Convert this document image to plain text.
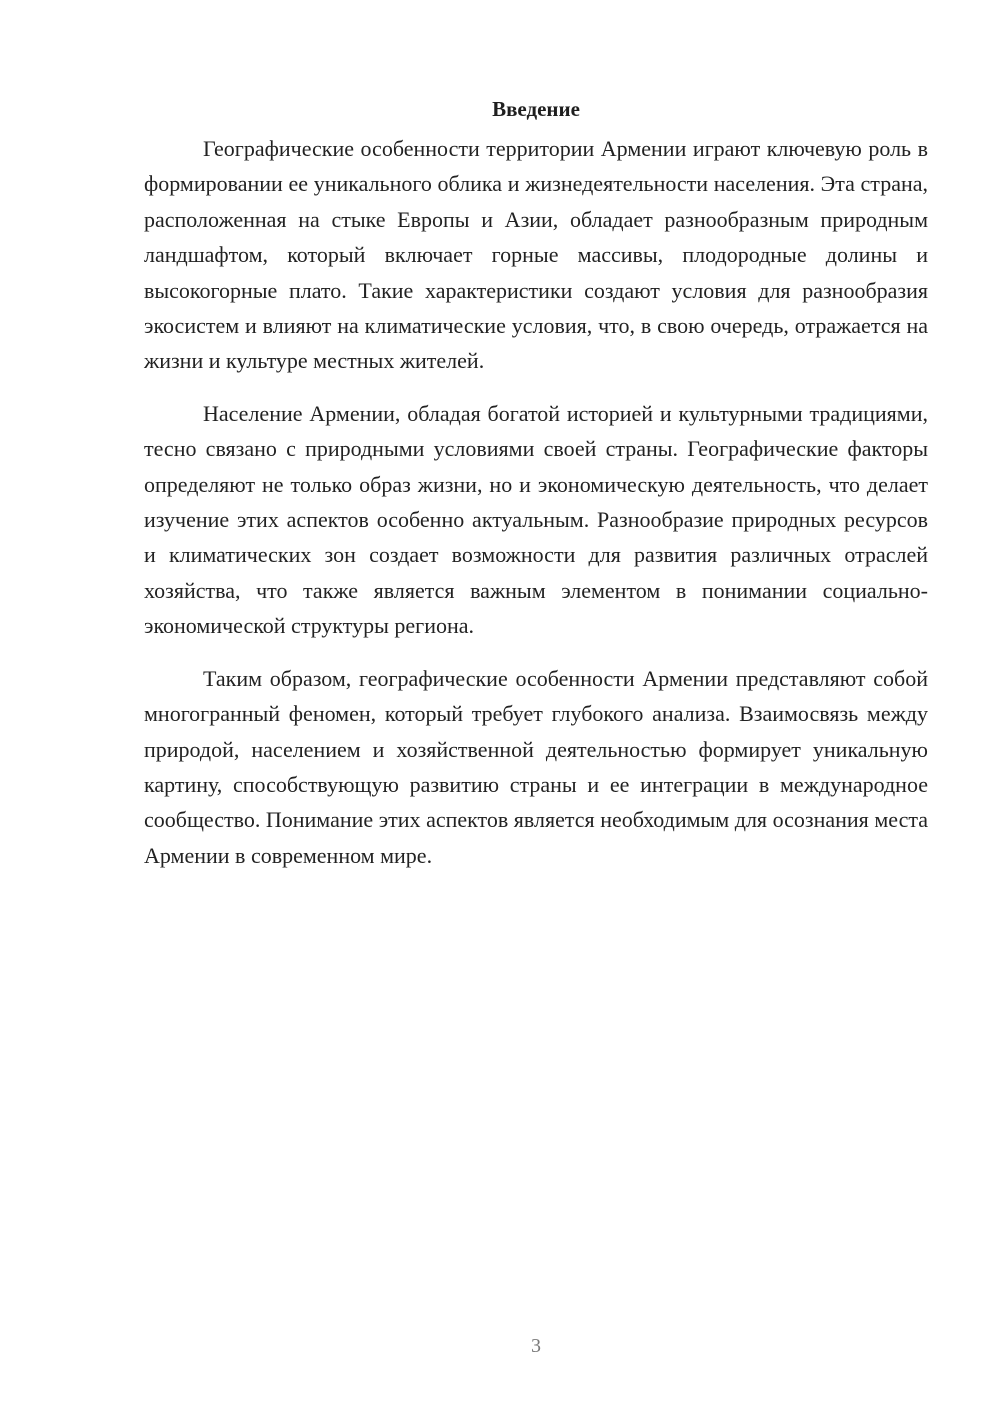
Введение

Географические особенности территории Армении играют ключевую роль в формировании ее уникального облика и жизнедеятельности населения. Эта страна, расположенная на стыке Европы и Азии, обладает разнообразным природным ландшафтом, который включает горные массивы, плодородные долины и высокогорные плато. Такие характеристики создают условия для разнообразия экосистем и влияют на климатические условия, что, в свою очередь, отражается на жизни и культуре местных жителей.

Население Армении, обладая богатой историей и культурными традициями, тесно связано с природными условиями своей страны. Географические факторы определяют не только образ жизни, но и экономическую деятельность, что делает изучение этих аспектов особенно актуальным. Разнообразие природных ресурсов и климатических зон создает возможности для развития различных отраслей хозяйства, что также является важным элементом в понимании социально-экономической структуры региона.

Таким образом, географические особенности Армении представляют собой многогранный феномен, который требует глубокого анализа. Взаимосвязь между природой, населением и хозяйственной деятельностью формирует уникальную картину, способствующую развитию страны и ее интеграции в международное сообщество. Понимание этих аспектов является необходимым для осознания места Армении в современном мире.

3
